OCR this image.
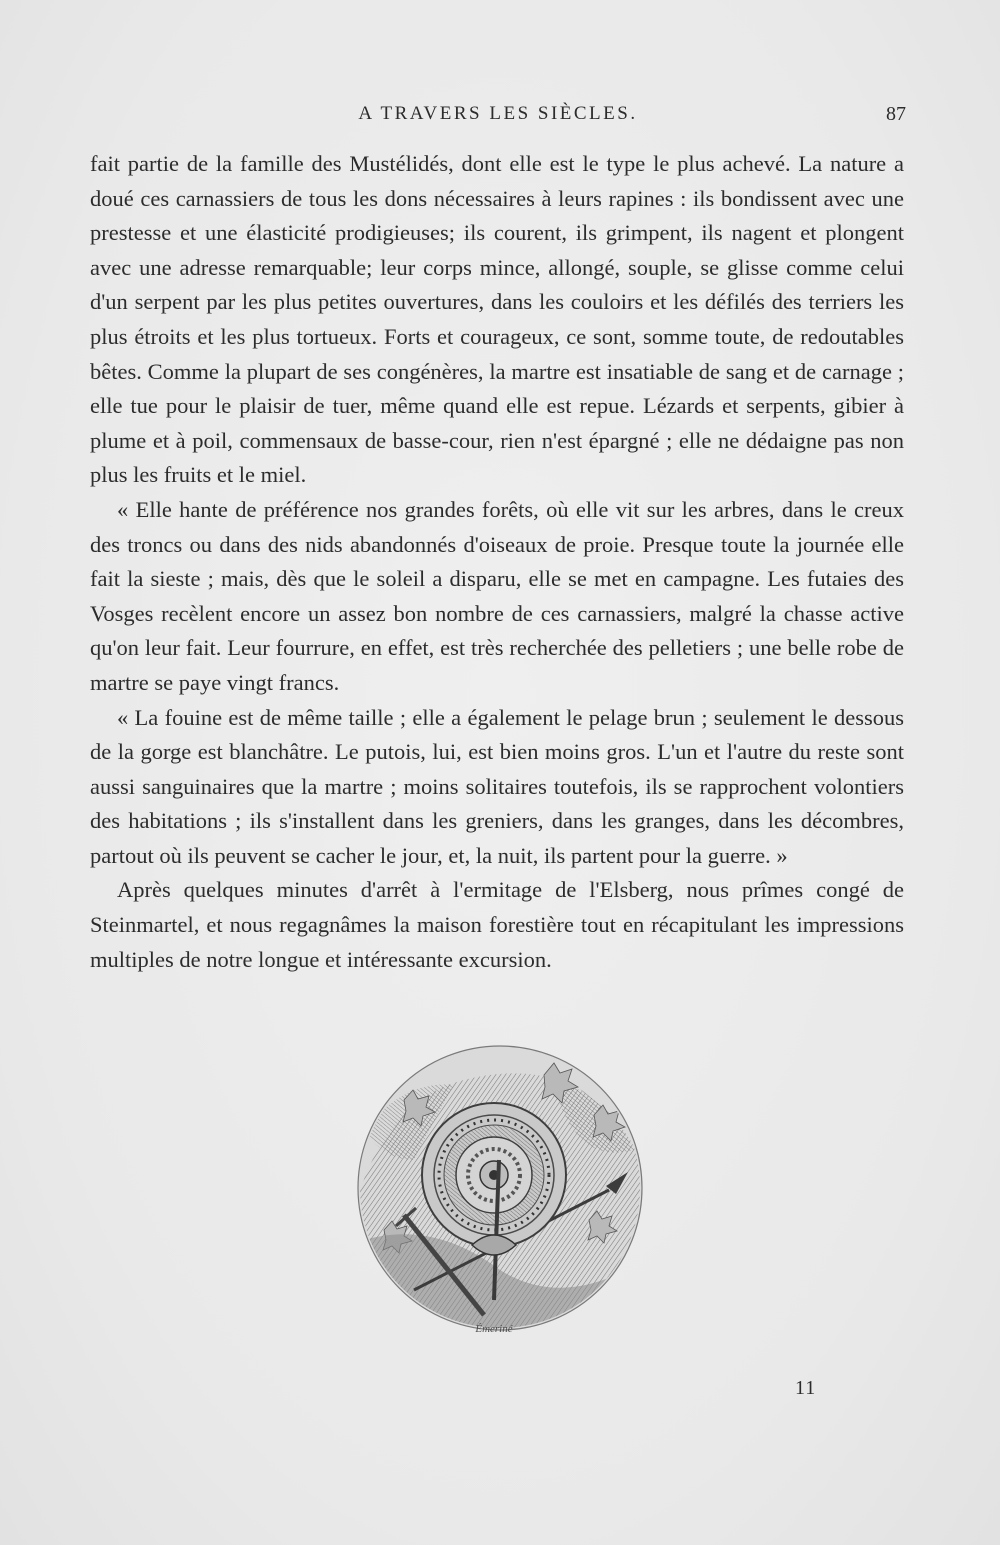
A TRAVERS LES SIÈCLES.	87

fait partie de la famille des Mustélidés, dont elle est le type le plus achevé. La nature a doué ces carnassiers de tous les dons nécessaires à leurs rapines : ils bondissent avec une prestesse et une élasticité prodigieuses; ils courent, ils grimpent, ils nagent et plongent avec une adresse remarquable; leur corps mince, allongé, souple, se glisse comme celui d'un serpent par les plus petites ouvertures, dans les couloirs et les défilés des terriers les plus étroits et les plus tortueux. Forts et courageux, ce sont, somme toute, de redoutables bêtes. Comme la plupart de ses congénères, la martre est insatiable de sang et de carnage ; elle tue pour le plaisir de tuer, même quand elle est repue. Lézards et serpents, gibier à plume et à poil, commensaux de basse-cour, rien n'est épargné ; elle ne dédaigne pas non plus les fruits et le miel.

« Elle hante de préférence nos grandes forêts, où elle vit sur les arbres, dans le creux des troncs ou dans des nids abandonnés d'oiseaux de proie. Presque toute la journée elle fait la sieste ; mais, dès que le soleil a disparu, elle se met en campagne. Les futaies des Vosges recèlent encore un assez bon nombre de ces carnassiers, malgré la chasse active qu'on leur fait. Leur fourrure, en effet, est très recherchée des pelletiers ; une belle robe de martre se paye vingt francs.

« La fouine est de même taille ; elle a également le pelage brun ; seulement le dessous de la gorge est blanchâtre. Le putois, lui, est bien moins gros. L'un et l'autre du reste sont aussi sanguinaires que la martre ; moins solitaires toutefois, ils se rapprochent volontiers des habitations ; ils s'installent dans les greniers, dans les granges, dans les décombres, partout où ils peuvent se cacher le jour, et, la nuit, ils partent pour la guerre. »

Après quelques minutes d'arrêt à l'ermitage de l'Elsberg, nous prîmes congé de Steinmartel, et nous regagnâmes la maison forestière tout en récapitulant les impressions multiples de notre longue et intéressante excursion.

Émeriné
11
